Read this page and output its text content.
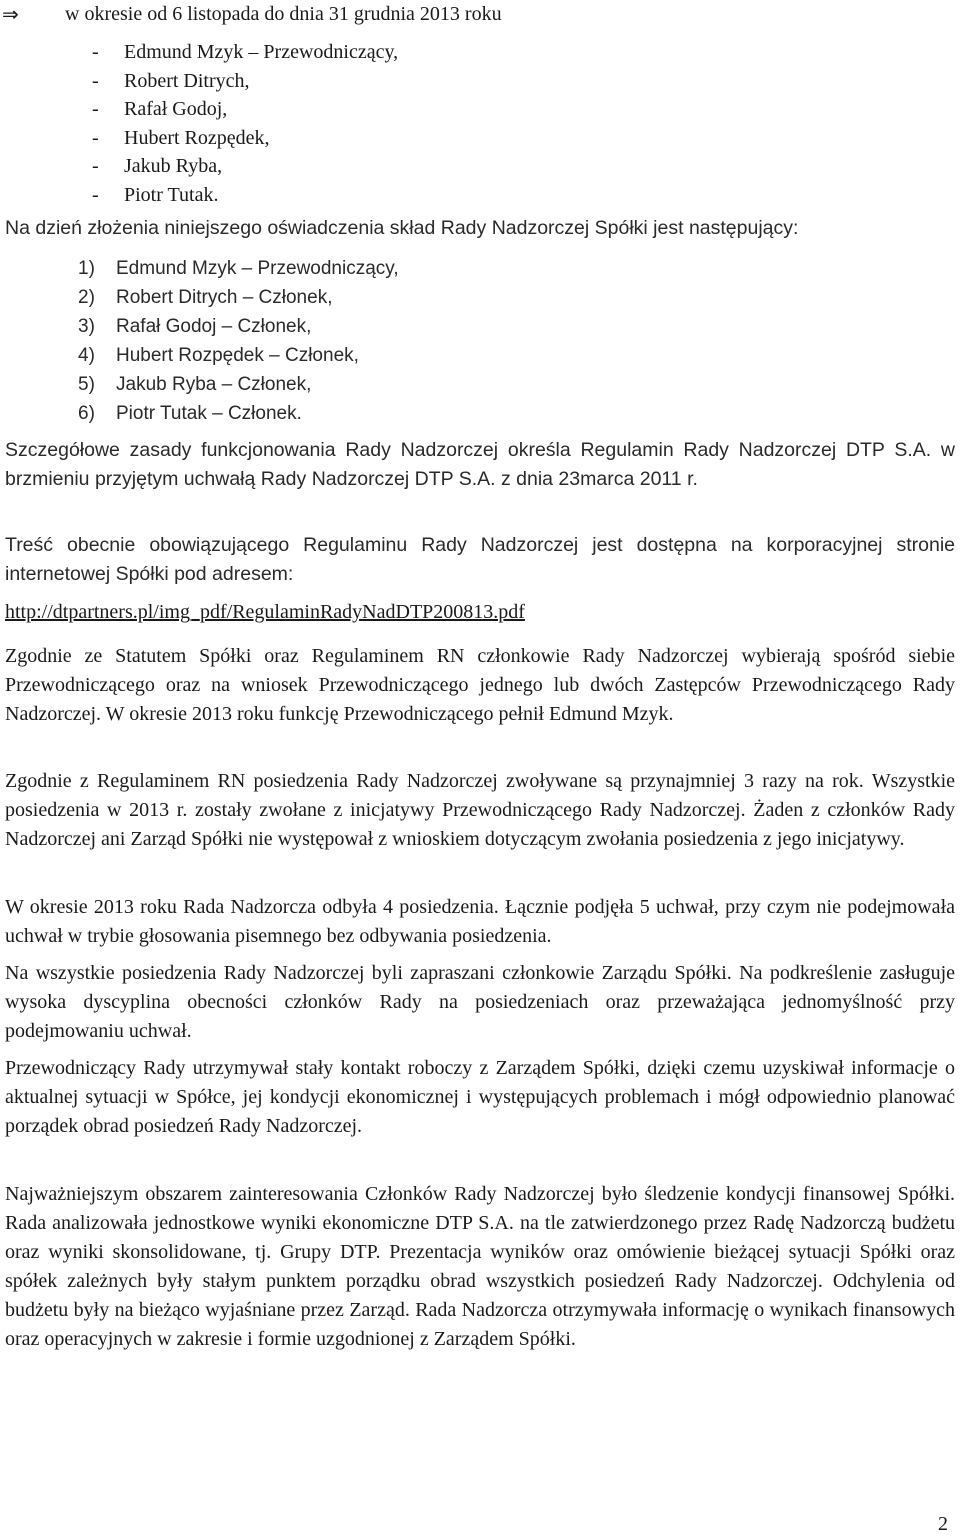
⇒ w okresie od 6 listopada do dnia 31 grudnia 2013 roku
- Edmund Mzyk – Przewodniczący,
- Robert Ditrych,
- Rafał Godoj,
- Hubert Rozpędek,
- Jakub Ryba,
- Piotr Tutak.

Na dzień złożenia niniejszego oświadczenia skład Rady Nadzorczej Spółki jest następujący:

1) Edmund Mzyk – Przewodniczący,
2) Robert Ditrych – Członek,
3) Rafał Godoj – Członek,
4) Hubert Rozpędek – Członek,
5) Jakub Ryba – Członek,
6) Piotr Tutak – Członek.

Szczegółowe zasady funkcjonowania Rady Nadzorczej określa Regulamin Rady Nadzorczej DTP S.A. w brzmieniu przyjętym uchwałą Rady Nadzorczej DTP S.A. z dnia 23marca 2011 r.

Treść obecnie obowiązującego Regulaminu Rady Nadzorczej jest dostępna na korporacyjnej stronie internetowej Spółki pod adresem:

http://dtpartners.pl/img_pdf/RegulaminRadyNadDTP200813.pdf

Zgodnie ze Statutem Spółki oraz Regulaminem RN członkowie Rady Nadzorczej wybierają spośród siebie Przewodniczącego oraz na wniosek Przewodniczącego jednego lub dwóch Zastępców Przewodniczącego Rady Nadzorczej. W okresie 2013 roku funkcję Przewodniczącego pełnił Edmund Mzyk.

Zgodnie z Regulaminem RN posiedzenia Rady Nadzorczej zwoływane są przynajmniej 3 razy na rok. Wszystkie posiedzenia w 2013 r. zostały zwołane z inicjatywy Przewodniczącego Rady Nadzorczej. Żaden z członków Rady Nadzorczej ani Zarząd Spółki nie występował z wnioskiem dotyczącym zwołania posiedzenia z jego inicjatywy.

W okresie 2013 roku Rada Nadzorcza odbyła 4 posiedzenia. Łącznie podjęła 5 uchwał, przy czym nie podejmowała uchwał w trybie głosowania pisemnego bez odbywania posiedzenia.

Na wszystkie posiedzenia Rady Nadzorczej byli zapraszani członkowie Zarządu Spółki. Na podkreślenie zasługuje wysoka dyscyplina obecności członków Rady na posiedzeniach oraz przeważająca jednomyślność przy podejmowaniu uchwał.

Przewodniczący Rady utrzymywał stały kontakt roboczy z Zarządem Spółki, dzięki czemu uzyskiwał informacje o aktualnej sytuacji w Spółce, jej kondycji ekonomicznej i występujących problemach i mógł odpowiednio planować porządek obrad posiedzeń Rady Nadzorczej.

Najważniejszym obszarem zainteresowania Członków Rady Nadzorczej było śledzenie kondycji finansowej Spółki. Rada analizowała jednostkowe wyniki ekonomiczne DTP S.A. na tle zatwierdzonego przez Radę Nadzorczą budżetu oraz wyniki skonsolidowane, tj. Grupy DTP. Prezentacja wyników oraz omówienie bieżącej sytuacji Spółki oraz spółek zależnych były stałym punktem porządku obrad wszystkich posiedzeń Rady Nadzorczej. Odchylenia od budżetu były na bieżąco wyjaśniane przez Zarząd. Rada Nadzorcza otrzymywała informację o wynikach finansowych oraz operacyjnych w zakresie i formie uzgodnionej z Zarządem Spółki.

2
